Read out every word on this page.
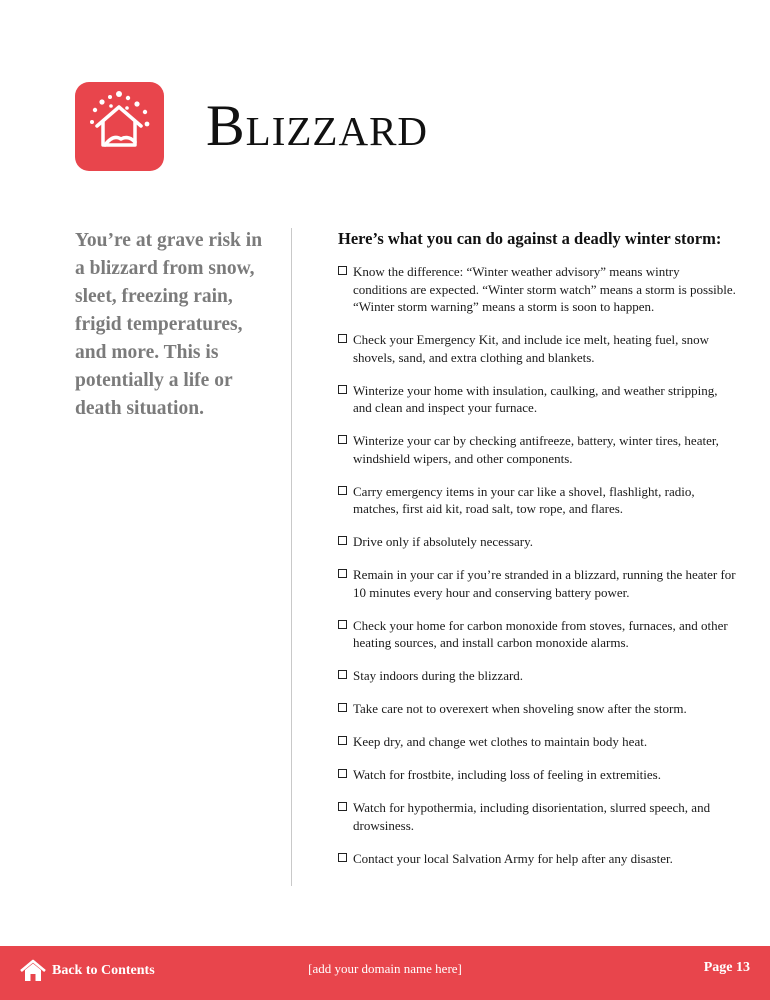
Blizzard
You’re at grave risk in a blizzard from snow, sleet, freezing rain, frigid temperatures, and more. This is potentially a life or death situation.
Here’s what you can do against a deadly winter storm:
Know the difference: “Winter weather advisory” means wintry conditions are expected. “Winter storm watch” means a storm is possible. “Winter storm warning” means a storm is soon to happen.
Check your Emergency Kit, and include ice melt, heating fuel, snow shovels, sand, and extra clothing and blankets.
Winterize your home with insulation, caulking, and weather stripping, and clean and inspect your furnace.
Winterize your car by checking antifreeze, battery, winter tires, heater, windshield wipers, and other components.
Carry emergency items in your car like a shovel, flashlight, radio, matches, first aid kit, road salt, tow rope, and flares.
Drive only if absolutely necessary.
Remain in your car if you’re stranded in a blizzard, running the heater for 10 minutes every hour and conserving battery power.
Check your home for carbon monoxide from stoves, furnaces, and other heating sources, and install carbon monoxide alarms.
Stay indoors during the blizzard.
Take care not to overexert when shoveling snow after the storm.
Keep dry, and change wet clothes to maintain body heat.
Watch for frostbite, including loss of feeling in extremities.
Watch for hypothermia, including disorientation, slurred speech, and drowsiness.
Contact your local Salvation Army for help after any disaster.
Back to Contents	[add your domain name here]	Page 13
